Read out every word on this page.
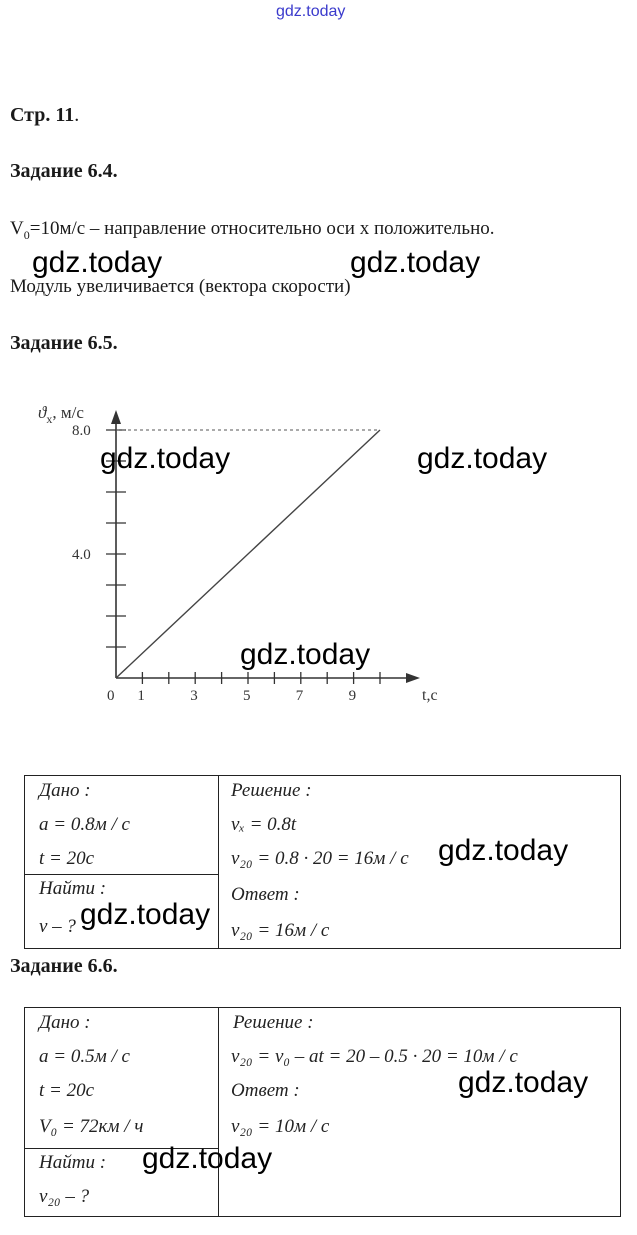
gdz.today
Стр. 11.
Задание 6.4.
$V_0=10м/с$ – направление относительно оси х положительно.
Модуль увеличивается (вектора скорости)
Задание 6.5.
8.0
4.0
0 1	3	5	7	9	t,c
$ϑ_x$, м/с
Дано :
a = 0.8м / с
t = 20c
Найти :
v – ?
Решение :
vₓ = 0.8t
v₂₀ = 0.8 · 20 = 16м / с
Ответ :
v₂₀ = 16м / с
Задание 6.6.
Дано :
a = 0.5м / с
t = 20c
V₀ = 72км / ч
Найти :
v₂₀ – ?
Решение :
v₂₀ = v₀ – at = 20 – 0.5 · 20 = 10м / с
Ответ :
v₂₀ = 10м / с
gdz.today	gdz.today
gdz.today	gdz.today
gdz.today
gdz.today
gdz.today
gdz.today
gdz.today
